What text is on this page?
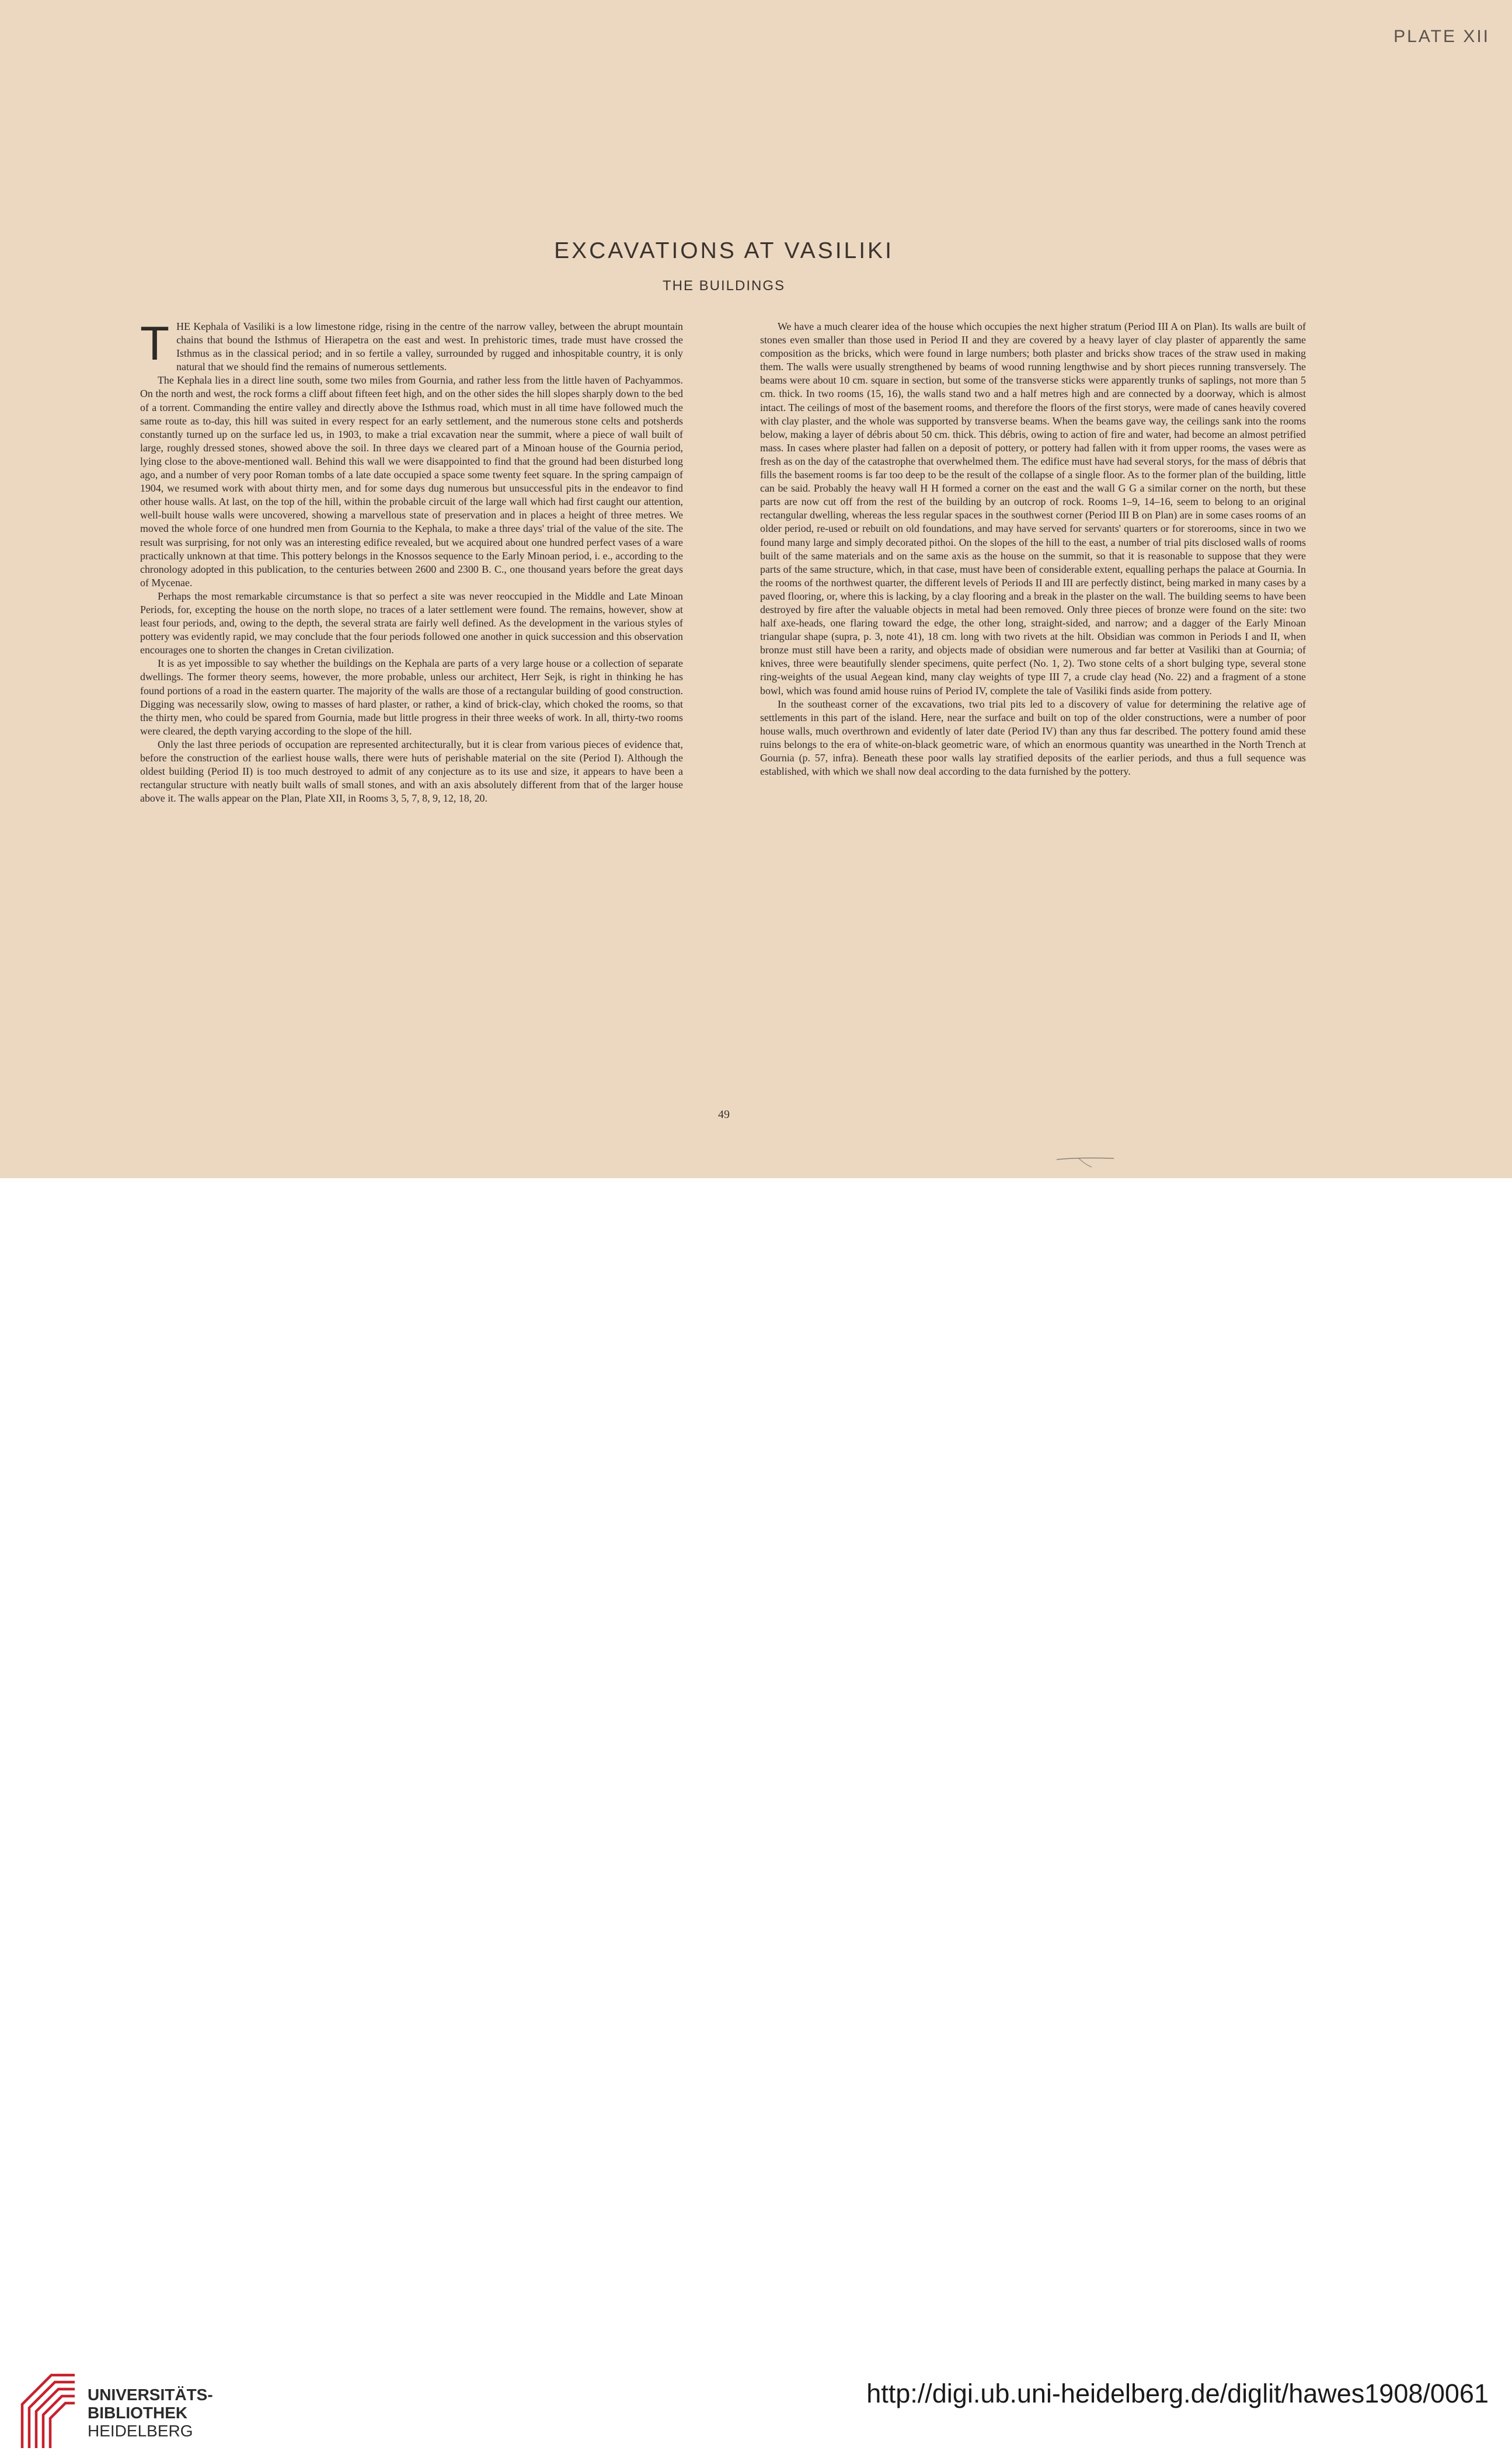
PLATE XII
EXCAVATIONS AT VASILIKI
THE BUILDINGS

THE Kephala of Vasiliki is a low limestone ridge, rising in the centre of the narrow valley, between the abrupt mountain chains that bound the Isthmus of Hierapetra on the east and west. In prehistoric times, trade must have crossed the Isthmus as in the classical period; and in so fertile a valley, surrounded by rugged and inhospitable country, it is only natural that we should find the remains of numerous settlements.

The Kephala lies in a direct line south, some two miles from Gournia, and rather less from the little haven of Pachyammos. On the north and west, the rock forms a cliff about fifteen feet high, and on the other sides the hill slopes sharply down to the bed of a torrent. Commanding the entire valley and directly above the Isthmus road, which must in all time have followed much the same route as to-day, this hill was suited in every respect for an early settlement, and the numerous stone celts and potsherds constantly turned up on the surface led us, in 1903, to make a trial excavation near the summit, where a piece of wall built of large, roughly dressed stones, showed above the soil. In three days we cleared part of a Minoan house of the Gournia period, lying close to the above-mentioned wall. Behind this wall we were disappointed to find that the ground had been disturbed long ago, and a number of very poor Roman tombs of a late date occupied a space some twenty feet square. In the spring campaign of 1904, we resumed work with about thirty men, and for some days dug numerous but unsuccessful pits in the endeavor to find other house walls. At last, on the top of the hill, within the probable circuit of the large wall which had first caught our attention, well-built house walls were uncovered, showing a marvellous state of preservation and in places a height of three metres. We moved the whole force of one hundred men from Gournia to the Kephala, to make a three days' trial of the value of the site. The result was surprising, for not only was an interesting edifice revealed, but we acquired about one hundred perfect vases of a ware practically unknown at that time. This pottery belongs in the Knossos sequence to the Early Minoan period, i. e., according to the chronology adopted in this publication, to the centuries between 2600 and 2300 B. C., one thousand years before the great days of Mycenae.

Perhaps the most remarkable circumstance is that so perfect a site was never reoccupied in the Middle and Late Minoan Periods, for, excepting the house on the north slope, no traces of a later settlement were found. The remains, however, show at least four periods, and, owing to the depth, the several strata are fairly well defined. As the development in the various styles of pottery was evidently rapid, we may conclude that the four periods followed one another in quick succession and this observation encourages one to shorten the changes in Cretan civilization.

It is as yet impossible to say whether the buildings on the Kephala are parts of a very large house or a collection of separate dwellings. The former theory seems, however, the more probable, unless our architect, Herr Sejk, is right in thinking he has found portions of a road in the eastern quarter. The majority of the walls are those of a rectangular building of good construction. Digging was necessarily slow, owing to masses of hard plaster, or rather, a kind of brick-clay, which choked the rooms, so that the thirty men, who could be spared from Gournia, made but little progress in their three weeks of work. In all, thirty-two rooms were cleared, the depth varying according to the slope of the hill.

Only the last three periods of occupation are represented architecturally, but it is clear from various pieces of evidence that, before the construction of the earliest house walls, there were huts of perishable material on the site (Period I). Although the oldest building (Period II) is too much destroyed to admit of any conjecture as to its use and size, it appears to have been a rectangular structure with neatly built walls of small stones, and with an axis absolutely different from that of the larger house above it. The walls appear on the Plan, Plate XII, in Rooms 3, 5, 7, 8, 9, 12, 18, 20.

We have a much clearer idea of the house which occupies the next higher stratum (Period III A on Plan). Its walls are built of stones even smaller than those used in Period II and they are covered by a heavy layer of clay plaster of apparently the same composition as the bricks, which were found in large numbers; both plaster and bricks show traces of the straw used in making them. The walls were usually strengthened by beams of wood running lengthwise and by short pieces running transversely. The beams were about 10 cm. square in section, but some of the transverse sticks were apparently trunks of saplings, not more than 5 cm. thick. In two rooms (15, 16), the walls stand two and a half metres high and are connected by a doorway, which is almost intact. The ceilings of most of the basement rooms, and therefore the floors of the first storys, were made of canes heavily covered with clay plaster, and the whole was supported by transverse beams. When the beams gave way, the ceilings sank into the rooms below, making a layer of débris about 50 cm. thick. This débris, owing to action of fire and water, had become an almost petrified mass. In cases where plaster had fallen on a deposit of pottery, or pottery had fallen with it from upper rooms, the vases were as fresh as on the day of the catastrophe that overwhelmed them. The edifice must have had several storys, for the mass of débris that fills the basement rooms is far too deep to be the result of the collapse of a single floor. As to the former plan of the building, little can be said. Probably the heavy wall H H formed a corner on the east and the wall G G a similar corner on the north, but these parts are now cut off from the rest of the building by an outcrop of rock. Rooms 1–9, 14–16, seem to belong to an original rectangular dwelling, whereas the less regular spaces in the southwest corner (Period III B on Plan) are in some cases rooms of an older period, re-used or rebuilt on old foundations, and may have served for servants' quarters or for storerooms, since in two we found many large and simply decorated pithoi. On the slopes of the hill to the east, a number of trial pits disclosed walls of rooms built of the same materials and on the same axis as the house on the summit, so that it is reasonable to suppose that they were parts of the same structure, which, in that case, must have been of considerable extent, equalling perhaps the palace at Gournia. In the rooms of the northwest quarter, the different levels of Periods II and III are perfectly distinct, being marked in many cases by a paved flooring, or, where this is lacking, by a clay flooring and a break in the plaster on the wall. The building seems to have been destroyed by fire after the valuable objects in metal had been removed. Only three pieces of bronze were found on the site: two half axe-heads, one flaring toward the edge, the other long, straight-sided, and narrow; and a dagger of the Early Minoan triangular shape (supra, p. 3, note 41), 18 cm. long with two rivets at the hilt. Obsidian was common in Periods I and II, when bronze must still have been a rarity, and objects made of obsidian were numerous and far better at Vasiliki than at Gournia; of knives, three were beautifully slender specimens, quite perfect (No. 1, 2). Two stone celts of a short bulging type, several stone ring-weights of the usual Aegean kind, many clay weights of type III 7, a crude clay head (No. 22) and a fragment of a stone bowl, which was found amid house ruins of Period IV, complete the tale of Vasiliki finds aside from pottery.

In the southeast corner of the excavations, two trial pits led to a discovery of value for determining the relative age of settlements in this part of the island. Here, near the surface and built on top of the older constructions, were a number of poor house walls, much overthrown and evidently of later date (Period IV) than any thus far described. The pottery found amid these ruins belongs to the era of white-on-black geometric ware, of which an enormous quantity was unearthed in the North Trench at Gournia (p. 57, infra). Beneath these poor walls lay stratified deposits of the earlier periods, and thus a full sequence was established, with which we shall now deal according to the data furnished by the pottery.

49
UNIVERSITÄTS-
BIBLIOTHEK
HEIDELBERG
http://digi.ub.uni-heidelberg.de/diglit/hawes1908/0061
